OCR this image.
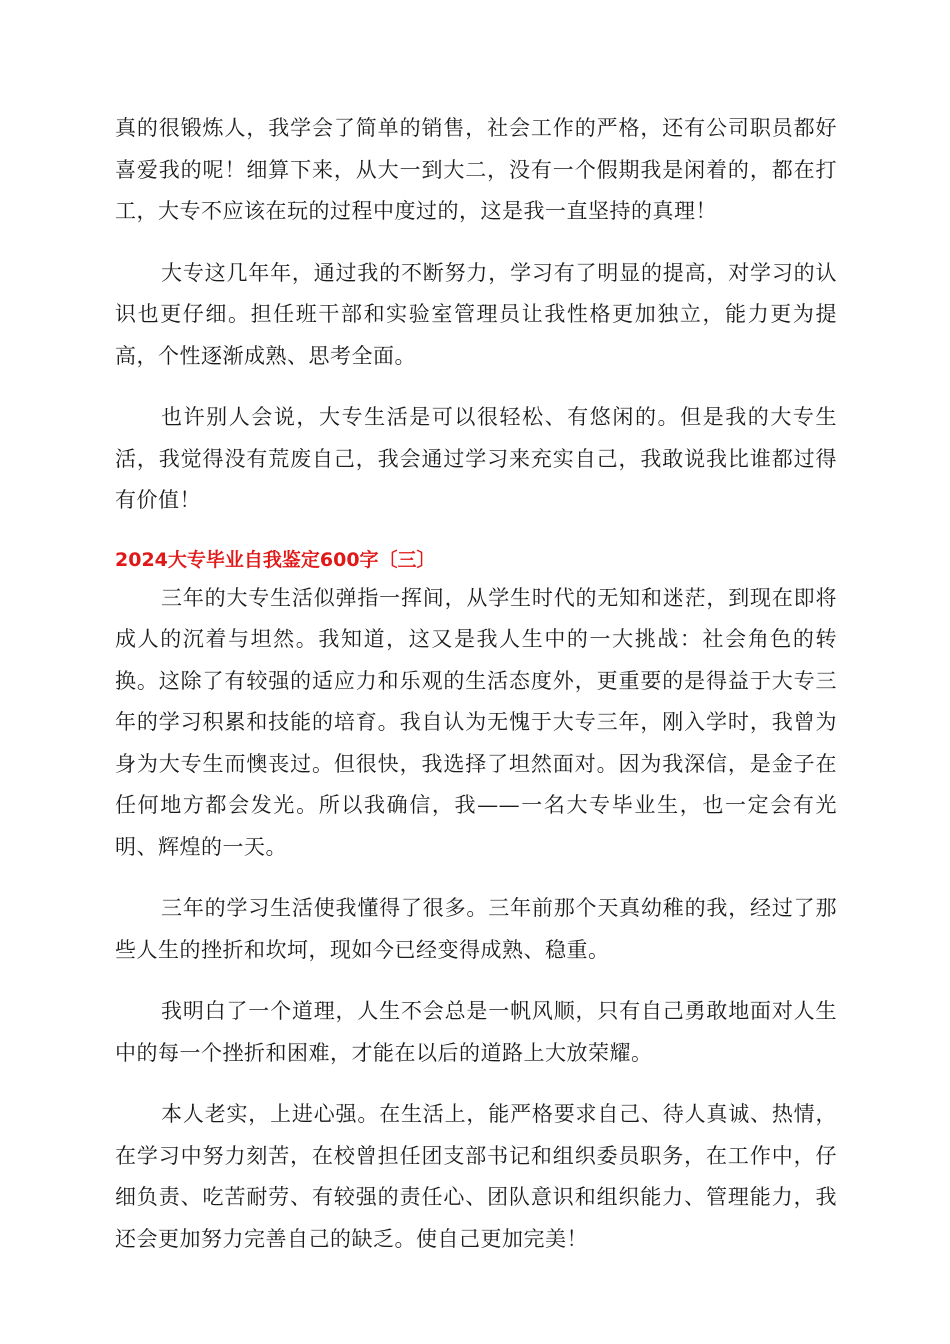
真的很锻炼人，我学会了简单的销售，社会工作的严格，还有公司职员都好喜爱我的呢！细算下来，从大一到大二，没有一个假期我是闲着的，都在打工，大专不应该在玩的过程中度过的，这是我一直坚持的真理！

大专这几年年，通过我的不断努力，学习有了明显的提高，对学习的认识也更仔细。担任班干部和实验室管理员让我性格更加独立，能力更为提高，个性逐渐成熟、思考全面。

也许别人会说，大专生活是可以很轻松、有悠闲的。但是我的大专生活，我觉得没有荒废自己，我会通过学习来充实自己，我敢说我比谁都过得有价值！

2024大专毕业自我鉴定600字〔三〕

三年的大专生活似弹指一挥间，从学生时代的无知和迷茫，到现在即将成人的沉着与坦然。我知道，这又是我人生中的一大挑战：社会角色的转换。这除了有较强的适应力和乐观的生活态度外，更重要的是得益于大专三年的学习积累和技能的培育。我自认为无愧于大专三年，刚入学时，我曾为身为大专生而懊丧过。但很快，我选择了坦然面对。因为我深信，是金子在任何地方都会发光。所以我确信，我——一名大专毕业生，也一定会有光明、辉煌的一天。

三年的学习生活使我懂得了很多。三年前那个天真幼稚的我，经过了那些人生的挫折和坎坷，现如今已经变得成熟、稳重。

我明白了一个道理，人生不会总是一帆风顺，只有自己勇敢地面对人生中的每一个挫折和困难，才能在以后的道路上大放荣耀。

本人老实，上进心强。在生活上，能严格要求自己、待人真诚、热情，在学习中努力刻苦，在校曾担任团支部书记和组织委员职务，在工作中，仔细负责、吃苦耐劳、有较强的责任心、团队意识和组织能力、管理能力，我还会更加努力完善自己的缺乏。使自己更加完美！
